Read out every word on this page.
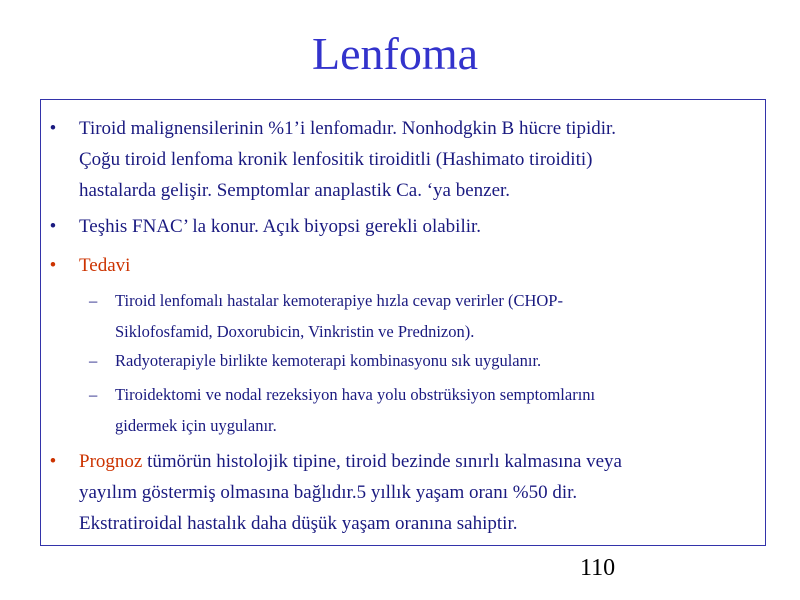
Lenfoma
• Tiroid malignensilerinin %1’i lenfomadır. Nonhodgkin B hücre tipidir.
Çoğu tiroid lenfoma kronik lenfositik tiroiditli (Hashimato tiroiditi)
hastalarda gelişir. Semptomlar anaplastik Ca. ‘ya benzer.
• Teşhis FNAC’ la konur. Açık biyopsi gerekli olabilir.
• Tedavi
– Tiroid lenfomalı hastalar kemoterapiye hızla cevap verirler (CHOP-
Siklofosfamid, Doxorubicin, Vinkristin ve Prednizon).
– Radyoterapiyle birlikte kemoterapi kombinasyonu sık uygulanır.
– Tiroidektomi ve nodal rezeksiyon hava yolu obstrüksiyon semptomlarını
gidermek için uygulanır.
• Prognoz tümörün histolojik tipine, tiroid bezinde sınırlı kalmasına veya
yayılım göstermiş olmasına bağlıdır.5 yıllık yaşam oranı %50 dir.
Ekstratiroidal hastalık daha düşük yaşam oranına sahiptir.
110
